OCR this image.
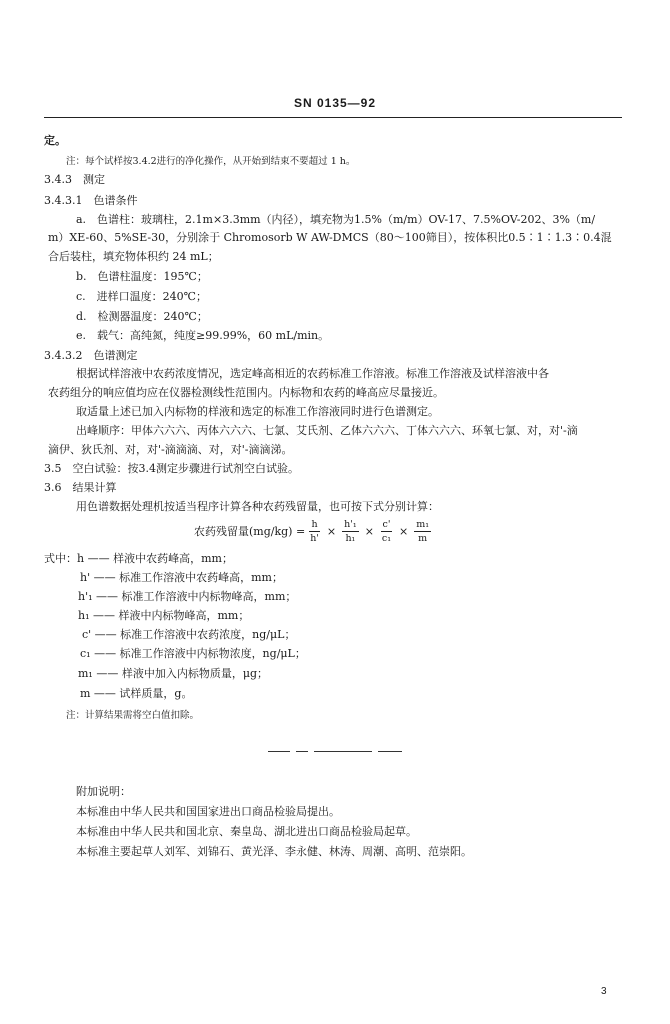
SN 0135—92
定。
注：每个试样按3.4.2进行的净化操作，从开始到结束不要超过 1 h。
3.4.3　测定
3.4.3.1　色谱条件
a.　色谱柱：玻璃柱，2.1m×3.3mm（内径），填充物为1.5%（m/m）OV-17、7.5%OV-202、3%（m/
m）XE-60、5%SE-30，分别涂于 Chromosorb W AW-DMCS（80～100筛目），按体积比0.5∶1∶1.3∶0.4混
合后装柱，填充物体积约 24 mL；
b.　色谱柱温度：195℃；
c.　进样口温度：240℃；
d.　检测器温度：240℃；
e.　载气：高纯氮，纯度≥99.99%，60 mL/min。
3.4.3.2　色谱测定
根据试样溶液中农药浓度情况，选定峰高相近的农药标准工作溶液。标准工作溶液及试样溶液中各
农药组分的响应值均应在仪器检测线性范围内。内标物和农药的峰高应尽量接近。
取适量上述已加入内标物的样液和选定的标准工作溶液同时进行色谱测定。
出峰顺序：甲体六六六、丙体六六六、七氯、艾氏剂、乙体六六六、丁体六六六、环氧七氯、对，对'-滴
滴伊、狄氏剂、对，对'-滴滴滴、对，对'-滴滴涕。
3.5　空白试验：按3.4测定步骤进行试剂空白试验。
3.6　结果计算
用色谱数据处理机按适当程序计算各种农药残留量，也可按下式分别计算：
农药残留量$(mg/kg) = \frac{h}{h'} \times \frac{\text{h'₁}}{\text{h₁}} \times \frac{c'}{\text{c₁}} \times \frac{\text{m₁}}{m}$
式中：h —— 样液中农药峰高，mm；
h' —— 标准工作溶液中农药峰高，mm；
h'₁ —— 标准工作溶液中内标物峰高，mm；
h₁ —— 样液中内标物峰高，mm；
c' —— 标准工作溶液中农药浓度，ng/μL；
c₁ —— 标准工作溶液中内标物浓度，ng/μL；
m₁ —— 样液中加入内标物质量，μg；
m —— 试样质量，g。
注：计算结果需将空白值扣除。
附加说明：
本标准由中华人民共和国国家进出口商品检验局提出。
本标准由中华人民共和国北京、秦皇岛、湖北进出口商品检验局起草。
本标准主要起草人刘军、刘锦石、黄光泽、李永健、林涛、周潮、高明、范崇阳。
3
